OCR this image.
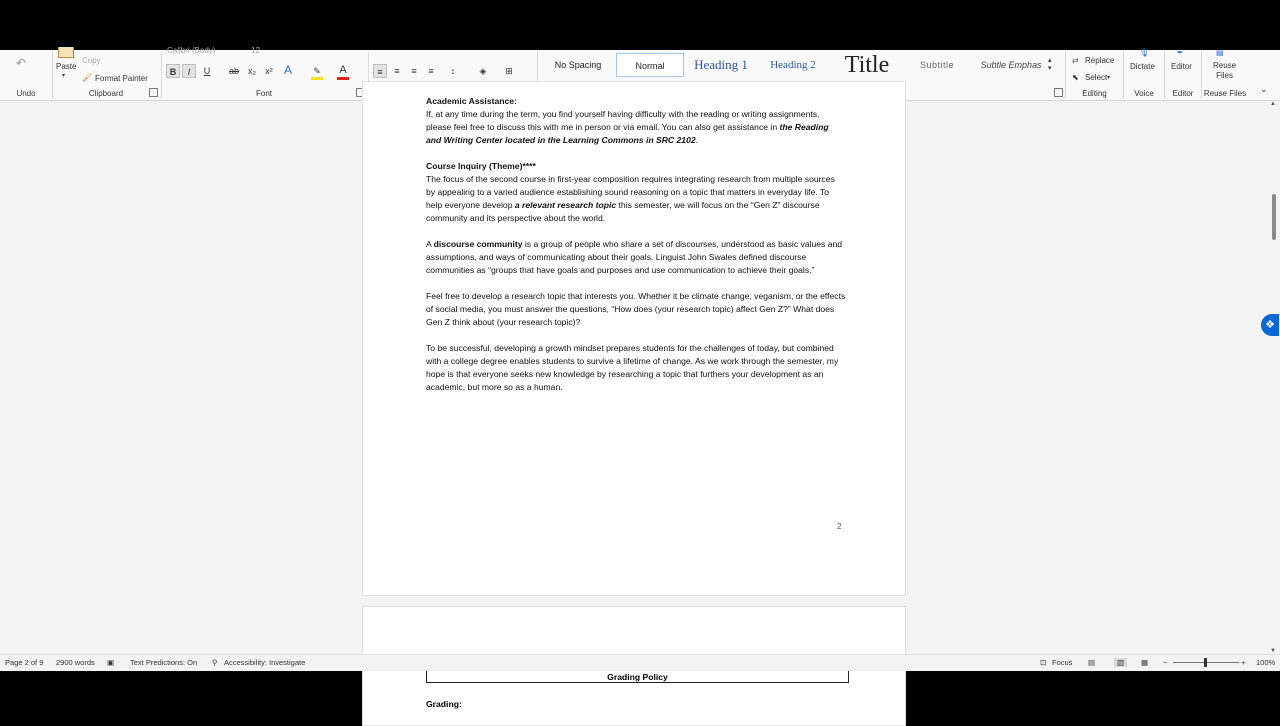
↶
Undo
Paste
▾
Copy
🖌 Format Painter
Clipboard
Calibri (Body)	12
B	I	U	ab	x₂	x² A	✎	A
Font
≡	≡	≡	≡	↕	◈	⊞
No Spacing	Normal	Heading 1	Heading 2	Title	Subtitle	Subtle Emphas ▴
▾
⇄ Replace
⬉ Select ▾
Editing
🎙
Dictate
Voice
✒
Editor
Editor
▤
Reuse
Files
Reuse Files ⌄
Academic Assistance:

If, at any time during the term, you find yourself having difficulty with the reading or writing assignments, please feel free to discuss this with me in person or via email. You can also get assistance in the Reading and Writing Center located in the Learning Commons in SRC 2102.

Course Inquiry (Theme)****

The focus of the second course in first-year composition requires integrating research from multiple sources by appealing to a varied audience establishing sound reasoning on a topic that matters in everyday life. To help everyone develop a relevant research topic this semester, we will focus on the “Gen Z” discourse community and its perspective about the world.

A discourse community is a group of people who share a set of discourses, understood as basic values and assumptions, and ways of communicating about their goals. Linguist John Swales defined discourse communities as “groups that have goals and purposes and use communication to achieve their goals.”

Feel free to develop a research topic that interests you. Whether it be climate change, veganism, or the effects of social media, you must answer the questions, “How does (your research topic) affect Gen Z?” What does Gen Z think about (your research topic)?

To be successful, developing a growth mindset prepares students for the challenges of today, but combined with a college degree enables students to survive a lifetime of change. As we work through the semester, my hope is that everyone seeks new knowledge by researching a topic that furthers your development as an academic, but more so as a human.

2
Grading Policy
Grading:
❖
▲
▼
Page 2 of 9 2900 words ▣ Text Predictions: On ⚲ Accessibility: Investigate	⊡ Focus ▤	▥	▦ −	+ 100%
